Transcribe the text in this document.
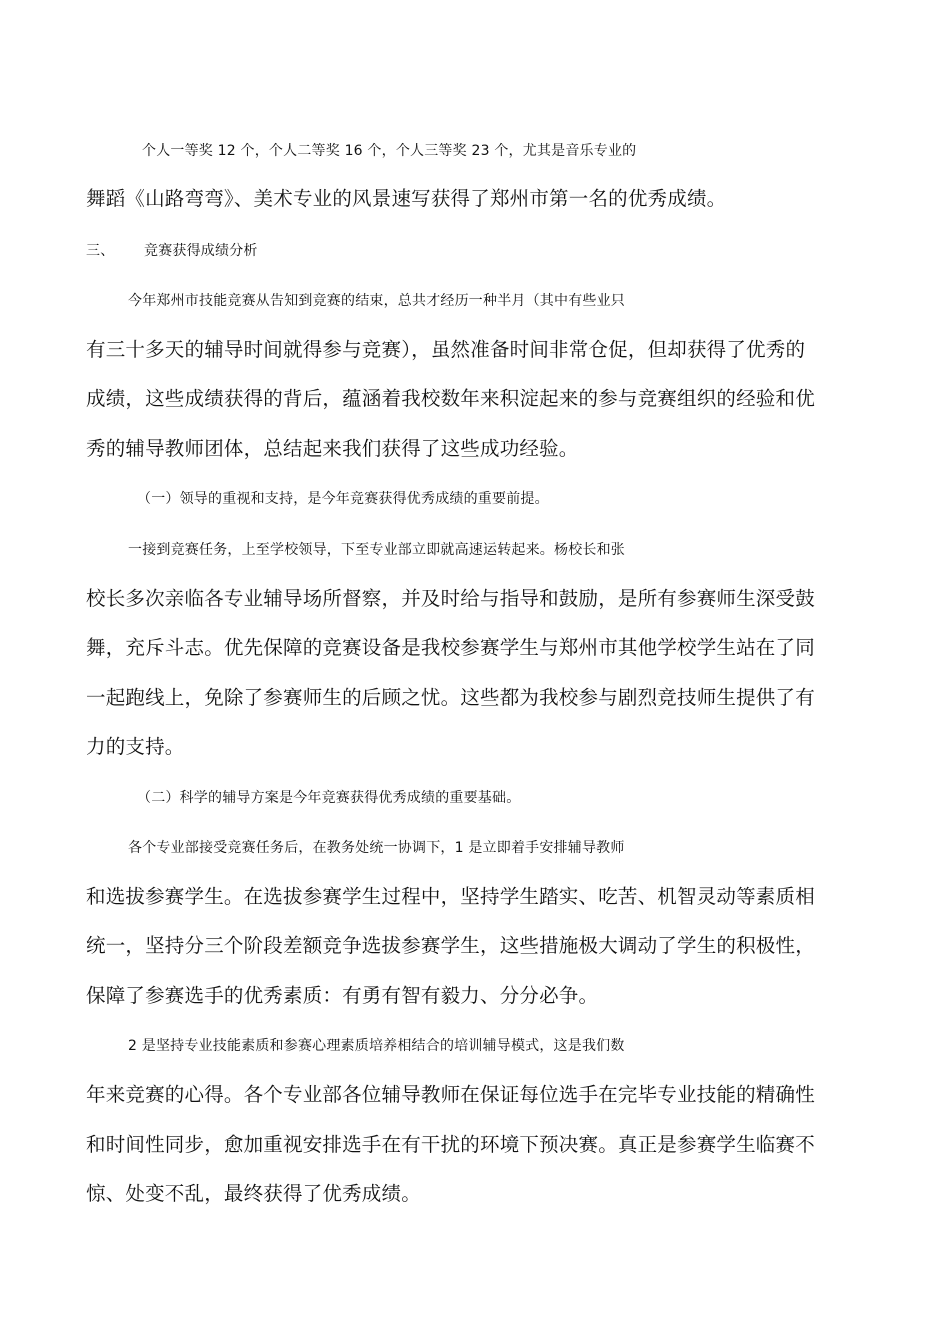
个人一等奖 12 个，个人二等奖 16 个，个人三等奖 23 个，尤其是音乐专业的
舞蹈《山路弯弯》、美术专业的风景速写获得了郑州市第一名的优秀成绩。
三、 竞赛获得成绩分析
今年郑州市技能竞赛从告知到竞赛的结束，总共才经历一种半月（其中有些业只
有三十多天的辅导时间就得参与竞赛），虽然准备时间非常仓促，但却获得了优秀的
成绩，这些成绩获得的背后，蕴涵着我校数年来积淀起来的参与竞赛组织的经验和优
秀的辅导教师团体，总结起来我们获得了这些成功经验。
（一）领导的重视和支持，是今年竞赛获得优秀成绩的重要前提。
一接到竞赛任务，上至学校领导，下至专业部立即就高速运转起来。杨校长和张
校长多次亲临各专业辅导场所督察，并及时给与指导和鼓励，是所有参赛师生深受鼓
舞，充斥斗志。优先保障的竞赛设备是我校参赛学生与郑州市其他学校学生站在了同
一起跑线上，免除了参赛师生的后顾之忧。这些都为我校参与剧烈竞技师生提供了有
力的支持。
（二）科学的辅导方案是今年竞赛获得优秀成绩的重要基础。
各个专业部接受竞赛任务后，在教务处统一协调下，1 是立即着手安排辅导教师
和选拔参赛学生。在选拔参赛学生过程中，坚持学生踏实、吃苦、机智灵动等素质相
统一，坚持分三个阶段差额竞争选拔参赛学生，这些措施极大调动了学生的积极性，
保障了参赛选手的优秀素质：有勇有智有毅力、分分必争。
2 是坚持专业技能素质和参赛心理素质培养相结合的培训辅导模式，这是我们数
年来竞赛的心得。各个专业部各位辅导教师在保证每位选手在完毕专业技能的精确性
和时间性同步，愈加重视安排选手在有干扰的环境下预决赛。真正是参赛学生临赛不
惊、处变不乱，最终获得了优秀成绩。
